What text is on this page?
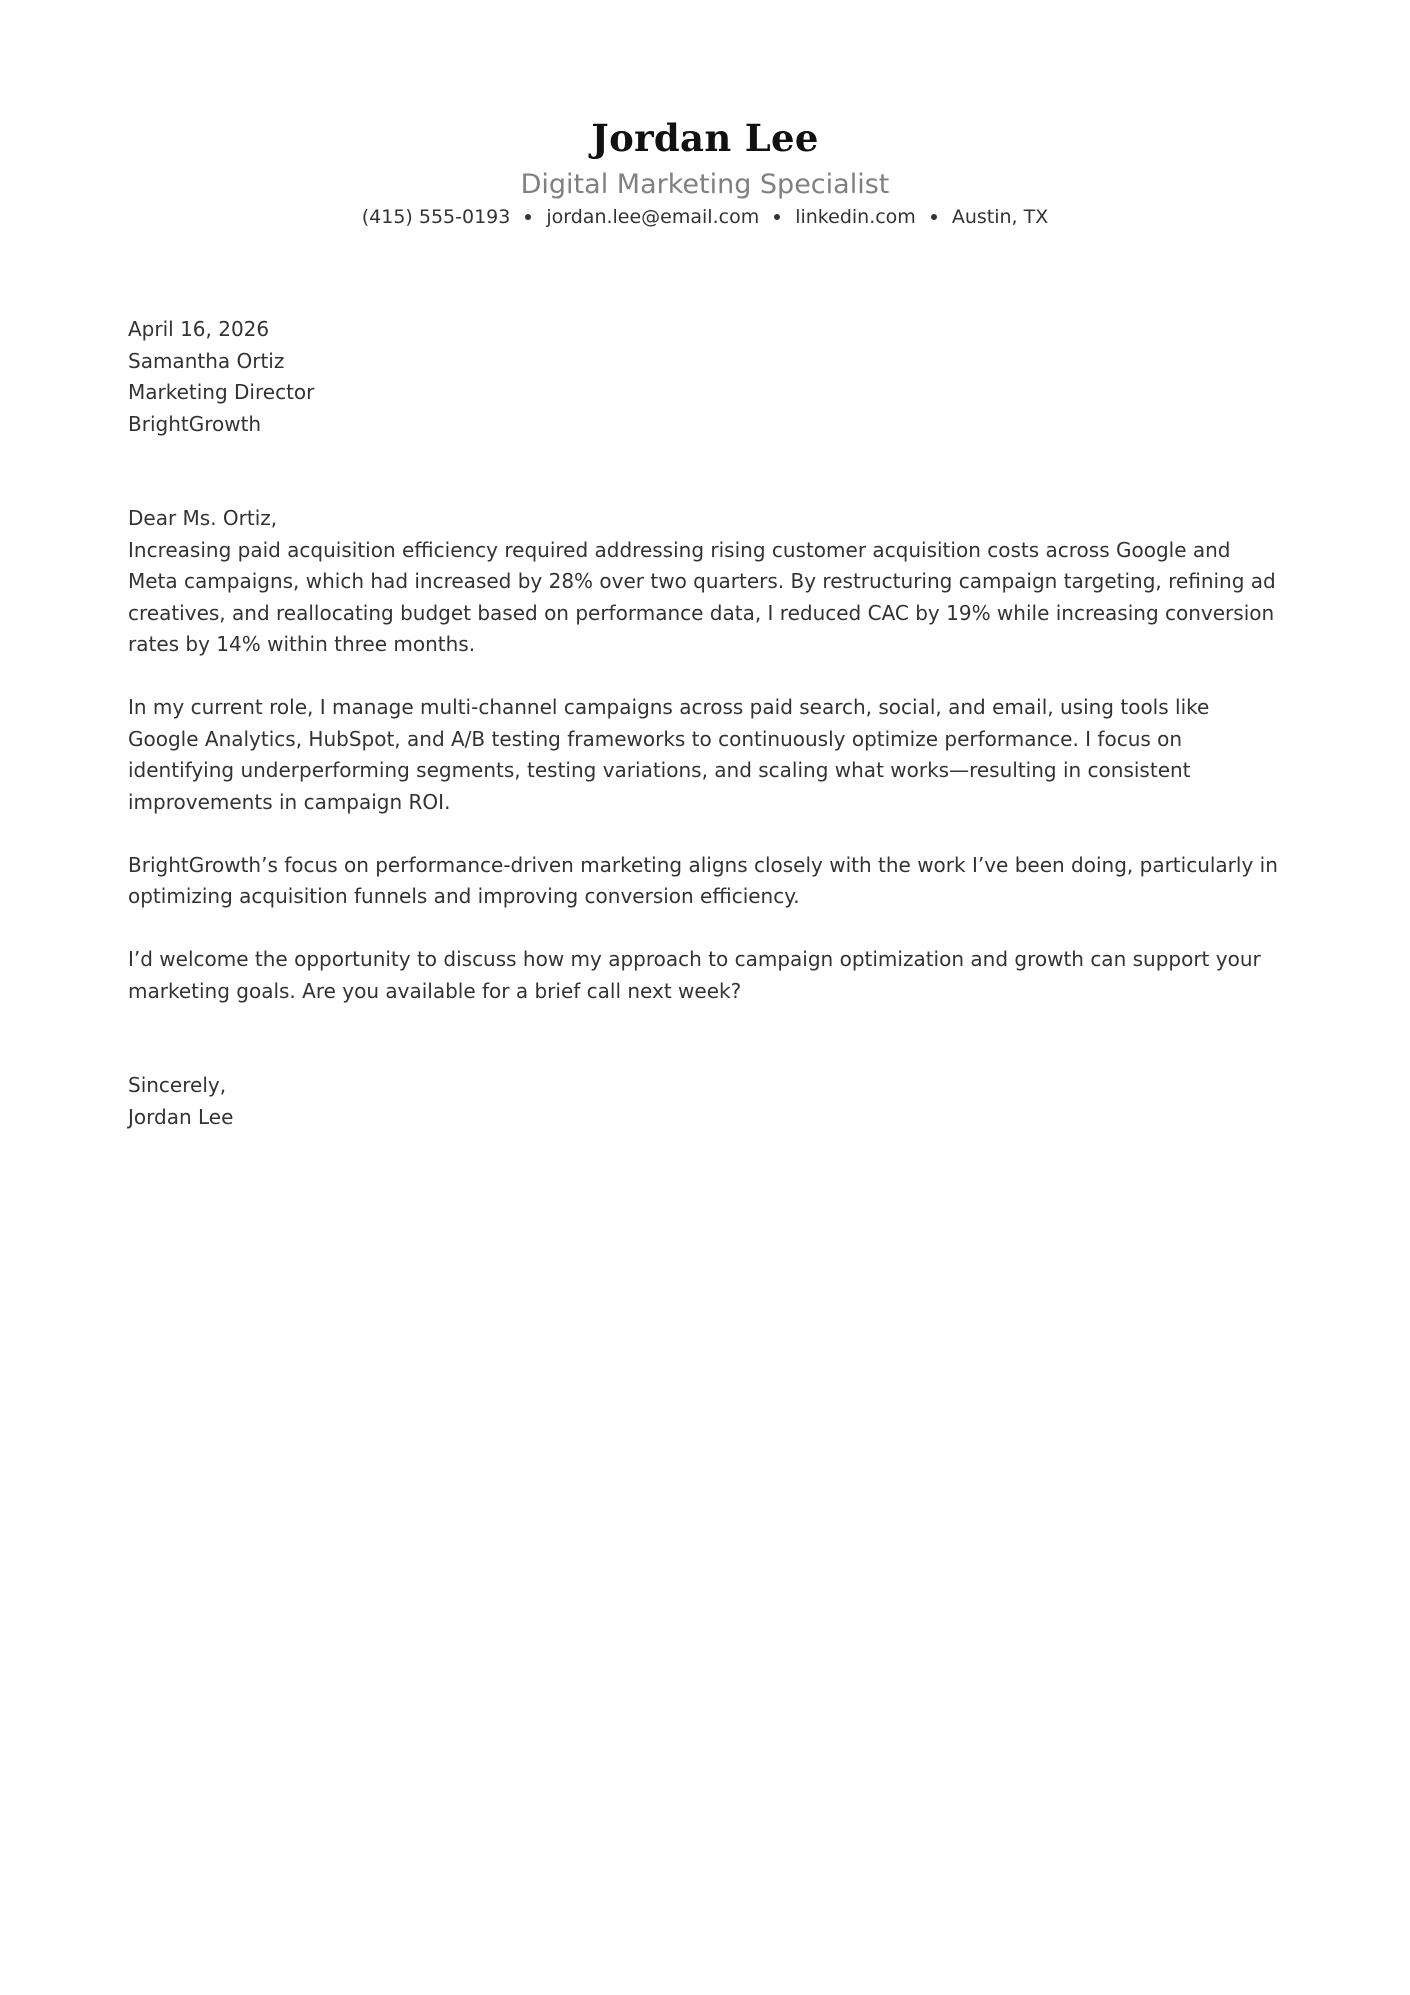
Jordan Lee
Digital Marketing Specialist
(415) 555-0193 jordan.lee@email.com linkedin.com Austin, TX

April 16, 2026

Samantha Ortiz

Marketing Director

BrightGrowth

Dear Ms. Ortiz,

Increasing paid acquisition efficiency required addressing rising customer acquisition costs across Google and Meta campaigns, which had increased by 28% over two quarters. By restructuring campaign targeting, refining ad creatives, and reallocating budget based on performance data, I reduced CAC by 19% while increasing conversion rates by 14% within three months.

In my current role, I manage multi-channel campaigns across paid search, social, and email, using tools like Google Analytics, HubSpot, and A/B testing frameworks to continuously optimize performance. I focus on identifying underperforming segments, testing variations, and scaling what works—resulting in consistent improvements in campaign ROI.

BrightGrowth’s focus on performance-driven marketing aligns closely with the work I’ve been doing, particularly in optimizing acquisition funnels and improving conversion efficiency.

I’d welcome the opportunity to discuss how my approach to campaign optimization and growth can support your marketing goals. Are you available for a brief call next week?

Sincerely,

Jordan Lee
